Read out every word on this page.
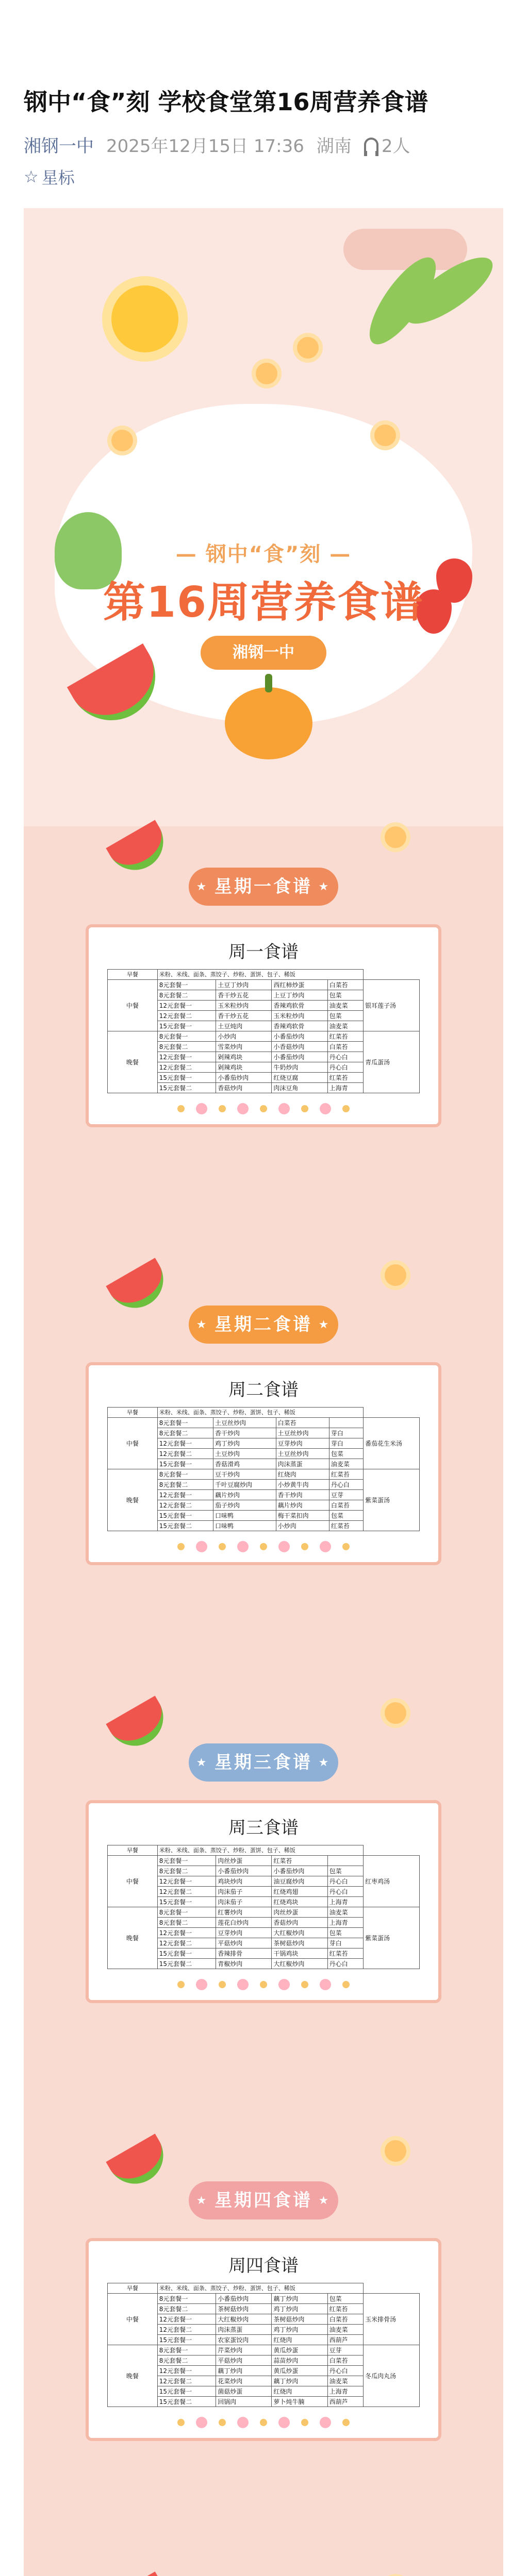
钢中“食”刻 学校食堂第16周营养食谱
湘钢一中 2025年12月15日 17:36 湖南 2人
☆ 星标
— 钢中“食”刻 —
第16周营养食谱
湘钢一中
★ 星期一食谱 ★
周一食谱
早餐	米粉、米线、面条、蒸饺子、炒粉、蛋饼、包子、稀饭				
中餐	8元套餐一	土豆丁炒肉	西红柿炒蛋	白菜苔	银耳莲子汤
	8元套餐二	香干炒五花	上豆丁炒肉	包菜	
	12元套餐一	玉米粒炒肉	香辣鸡软骨	油麦菜	
	12元套餐二	香干炒五花	玉米粒炒肉	包菜	
	15元套餐一	土豆炖肉	香辣鸡软骨	油麦菜	
晚餐	8元套餐一	小炒肉	小番茄炒肉	红菜苔	青瓜蛋汤
	8元套餐二	雪菜炒肉	小香菇炒肉	白菜苔	
	12元套餐一	剁辣鸡块	小番茄炒肉	丹心白	
	12元套餐二	剁辣鸡块	牛奶炒肉	丹心白	
	15元套餐一	小番茄炒肉	红烧豆腐	红菜苔	
	15元套餐二	香菇炒肉	肉沫豆角	上海青	
★ 星期二食谱 ★
周二食谱
早餐	米粉、米线、面条、蒸饺子、炒粉、蛋饼、包子、稀饭				
中餐	8元套餐一	土豆丝炒肉	白菜苔		番茄花生米汤
	8元套餐二	香干炒肉	土豆丝炒肉	芽白	
	12元套餐一	鸡丁炒肉	豆芽炒肉	芽白	
	12元套餐二	土豆炒肉	土豆丝炒肉	包菜	
	15元套餐一	香菇滑鸡	肉沫蒸蛋	油麦菜	
晚餐	8元套餐一	豆干炒肉	红烧肉	红菜苔	紫菜蛋汤
	8元套餐二	千叶豆腐炒肉	小炒黄牛肉	丹心白	
	12元套餐一	藕片炒肉	香干炒肉	豆芽	
	12元套餐二	茄子炒肉	藕片炒肉	白菜苔	
	15元套餐一	口味鸭	梅干菜扣肉	包菜	
	15元套餐二	口味鸭	小炒肉	红菜苔	
★ 星期三食谱 ★
周三食谱
早餐	米粉、米线、面条、蒸饺子、炒粉、蛋饼、包子、稀饭				
中餐	8元套餐一	肉丝炒蛋	红菜苔		红枣鸡汤
	8元套餐二	小番茄炒肉	小番茄炒肉	包菜	
	12元套餐一	鸡块炒肉	油豆腐炒肉	丹心白	
	12元套餐二	肉沫茄子	红烧鸡翅	丹心白	
	15元套餐一	肉沫茄子	红烧鸡块	上海青	
晚餐	8元套餐一	红薯炒肉	肉丝炒蛋	油麦菜	紫菜蛋汤
	8元套餐二	莲花白炒肉	香菇炒肉	上海青	
	12元套餐一	豆芽炒肉	大红椒炒肉	包菜	
	12元套餐二	平菇炒肉	茶树菇炒肉	芽白	
	15元套餐一	香辣排骨	干锅鸡块	红菜苔	
	15元套餐二	青椒炒肉	大红椒炒肉	丹心白	
★ 星期四食谱 ★
周四食谱
早餐	米粉、米线、面条、蒸饺子、炒粉、蛋饼、包子、稀饭				
中餐	8元套餐一	小番茄炒肉	藕丁炒肉	包菜	玉米排骨汤
	8元套餐二	茶树菇炒肉	鸡丁炒肉	红菜苔	
	12元套餐一	大红椒炒肉	茶树菇炒肉	白菜苔	
	12元套餐二	肉沫蒸蛋	鸡丁炒肉	油麦菜	
	15元套餐一	农家蛋饺肉	红烧肉	西葫芦	
晚餐	8元套餐一	芹菜炒肉	黄瓜炒蛋	豆芽	冬瓜肉丸汤
	8元套餐二	平菇炒肉	蒜苗炒肉	白菜苔	
	12元套餐一	藕丁炒肉	黄瓜炒蛋	丹心白	
	12元套餐二	花菜炒肉	藕丁炒肉	油麦菜	
	15元套餐一	菌菇炒蛋	红烧肉	上海青	
	15元套餐二	回锅肉	萝卜炖牛腩	西葫芦	
